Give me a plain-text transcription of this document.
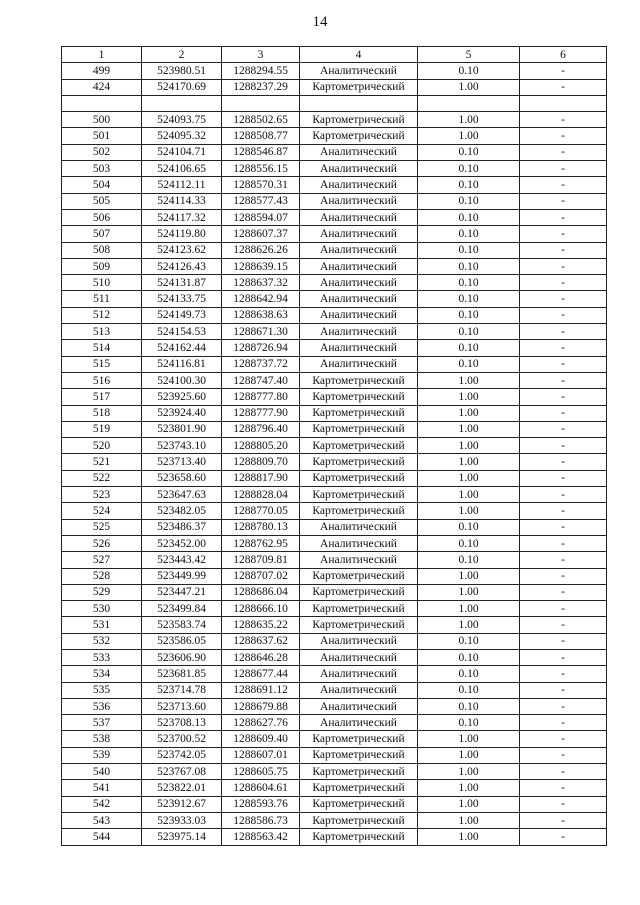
14
1	2	3	4	5	6
499	523980.51	1288294.55	Аналитический	0.10	-
424	524170.69	1288237.29	Картометрический	1.00	-

500	524093.75	1288502.65	Картометрический	1.00	-
501	524095.32	1288508.77	Картометрический	1.00	-
502	524104.71	1288546.87	Аналитический	0.10	-
503	524106.65	1288556.15	Аналитический	0.10	-
504	524112.11	1288570.31	Аналитический	0.10	-
505	524114.33	1288577.43	Аналитический	0.10	-
506	524117.32	1288594.07	Аналитический	0.10	-
507	524119.80	1288607.37	Аналитический	0.10	-
508	524123.62	1288626.26	Аналитический	0.10	-
509	524126.43	1288639.15	Аналитический	0.10	-
510	524131.87	1288637.32	Аналитический	0.10	-
511	524133.75	1288642.94	Аналитический	0.10	-
512	524149.73	1288638.63	Аналитический	0.10	-
513	524154.53	1288671.30	Аналитический	0.10	-
514	524162.44	1288726.94	Аналитический	0.10	-
515	524116.81	1288737.72	Аналитический	0.10	-
516	524100.30	1288747.40	Картометрический	1.00	-
517	523925.60	1288777.80	Картометрический	1.00	-
518	523924.40	1288777.90	Картометрический	1.00	-
519	523801.90	1288796.40	Картометрический	1.00	-
520	523743.10	1288805.20	Картометрический	1.00	-
521	523713.40	1288809.70	Картометрический	1.00	-
522	523658.60	1288817.90	Картометрический	1.00	-
523	523647.63	1288828.04	Картометрический	1.00	-
524	523482.05	1288770.05	Картометрический	1.00	-
525	523486.37	1288780.13	Аналитический	0.10	-
526	523452.00	1288762.95	Аналитический	0.10	-
527	523443.42	1288709.81	Аналитический	0.10	-
528	523449.99	1288707.02	Картометрический	1.00	-
529	523447.21	1288686.04	Картометрический	1.00	-
530	523499.84	1288666.10	Картометрический	1.00	-
531	523583.74	1288635.22	Картометрический	1.00	-
532	523586.05	1288637.62	Аналитический	0.10	-
533	523606.90	1288646.28	Аналитический	0.10	-
534	523681.85	1288677.44	Аналитический	0.10	-
535	523714.78	1288691.12	Аналитический	0.10	-
536	523713.60	1288679.88	Аналитический	0.10	-
537	523708.13	1288627.76	Аналитический	0.10	-
538	523700.52	1288609.40	Картометрический	1.00	-
539	523742.05	1288607.01	Картометрический	1.00	-
540	523767.08	1288605.75	Картометрический	1.00	-
541	523822.01	1288604.61	Картометрический	1.00	-
542	523912.67	1288593.76	Картометрический	1.00	-
543	523933.03	1288586.73	Картометрический	1.00	-
544	523975.14	1288563.42	Картометрический	1.00	-
